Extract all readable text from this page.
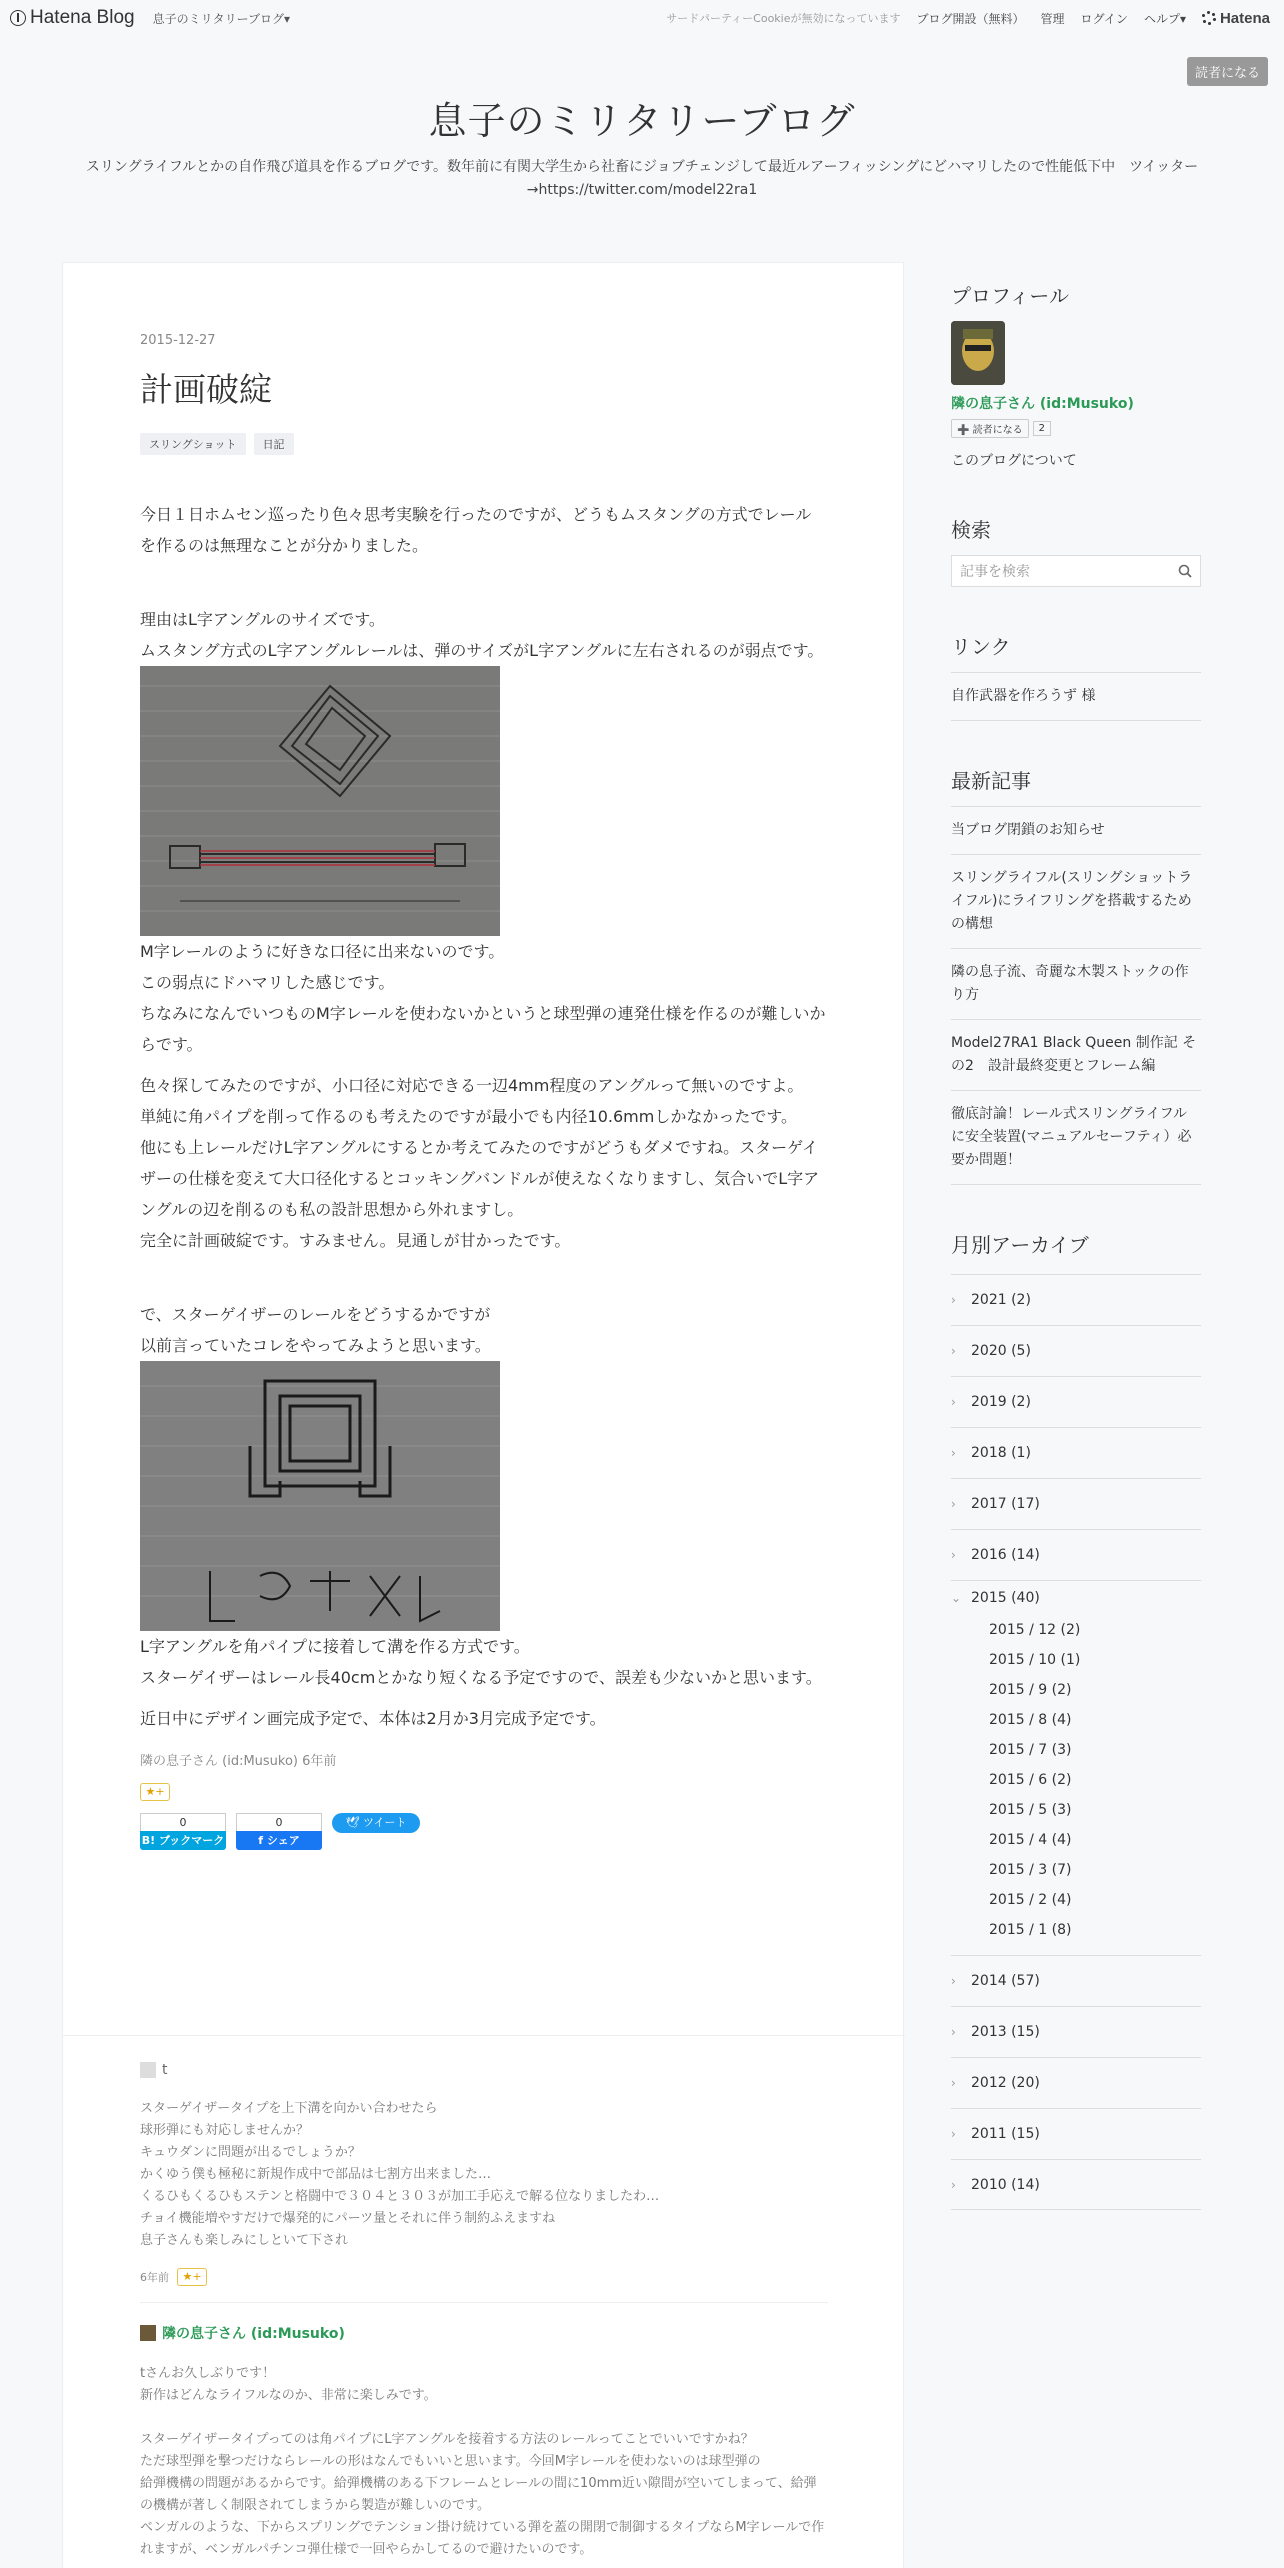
Hatena Blog 息子のミリタリーブログ▾	サードパーティーCookieが無効になっています ブログ開設（無料） 管理 ログイン ヘルプ▾ Hatena
読者になる
息子のミリタリーブログ

スリングライフルとかの自作飛び道具を作るブログです。数年前に有関大学生から社畜にジョブチェンジして最近ルアーフィッシングにどハマリしたので性能低下中　ツイッター→https://twitter.com/model22ra1

2015-12-27
計画破綻
スリングショット	日記

今日１日ホムセン巡ったり色々思考実験を行ったのですが、どうもムスタングの方式でレールを作るのは無理なことが分かりました。

理由はL字アングルのサイズです。

ムスタング方式のL字アングルレールは、弾のサイズがL字アングルに左右されるのが弱点です。

M字レールのように好きな口径に出来ないのです。

この弱点にドハマリした感じです。

ちなみになんでいつものM字レールを使わないかというと球型弾の連発仕様を作るのが難しいからです。

色々探してみたのですが、小口径に対応できる一辺4mm程度のアングルって無いのですよ。

単純に角パイプを削って作るのも考えたのですが最小でも内径10.6mmしかなかったです。

他にも上レールだけL字アングルにするとか考えてみたのですがどうもダメですね。スターゲイザーの仕様を変えて大口径化するとコッキングバンドルが使えなくなりますし、気合いでL字アングルの辺を削るのも私の設計思想から外れますし。

完全に計画破綻です。すみません。見通しが甘かったです。

で、スターゲイザーのレールをどうするかですが

以前言っていたコレをやってみようと思います。

L字アングルを角パイプに接着して溝を作る方式です。

スターゲイザーはレール長40cmとかなり短くなる予定ですので、誤差も少ないかと思います。

近日中にデザイン画完成予定で、本体は2月か3月完成予定です。

隣の息子さん (id:Musuko) 6年前
★+
0
B! ブックマーク
0
f シェア
🕊 ツイート
t

スターゲイザータイプを上下溝を向かい合わせたら

球形弾にも対応しませんか？

キュウダンに問題が出るでしょうか？

かくゆう僕も極秘に新規作成中で部品は七割方出来ました…

くるひもくるひもステンと格闘中で３０４と３０３が加工手応えで解る位なりましたわ…

チョイ機能増やすだけで爆発的にパーツ量とそれに伴う制約ふえますね

息子さんも楽しみにしといて下され

6年前	★+
隣の息子さん (id:Musuko)

tさんお久しぶりです！

新作はどんなライフルなのか、非常に楽しみです。

スターゲイザータイプってのは角パイプにL字アングルを接着する方法のレールってことでいいですかね？

ただ球型弾を撃つだけならレールの形はなんでもいいと思います。今回M字レールを使わないのは球型弾の

給弾機構の問題があるからです。給弾機構のある下フレームとレールの間に10mm近い隙間が空いてしまって、給弾の機構が著しく制限されてしまうから製造が難しいのです。

ベンガルのような、下からスプリングでテンション掛け続けている弾を蓋の開閉で制御するタイプならM字レールで作れますが、ベンガルパチンコ弾仕様で一回やらかしてるので避けたいのです。

プロフィール
隣の息子さん (id:Musuko)
➕ 読者になる	2
このブログについて
検索
記事を検索
リンク
自作武器を作ろうず 様
最新記事
当ブログ閉鎖のお知らせ
スリングライフル(スリングショットライフル)にライフリングを搭載するための構想
隣の息子流、奇麗な木製ストックの作り方
Model27RA1 Black Queen 制作記 その2　設計最終変更とフレーム編
徹底討論！レール式スリングライフルに安全装置(マニュアルセーフティ）必要か問題！
月別アーカイブ
›	2021 (2)
›	2020 (5)
›	2019 (2)
›	2018 (1)
›	2017 (17)
›	2016 (14)
⌄ 2015 (40)
2015 / 12 (2)
2015 / 10 (1)
2015 / 9 (2)
2015 / 8 (4)
2015 / 7 (3)
2015 / 6 (2)
2015 / 5 (3)
2015 / 4 (4)
2015 / 3 (7)
2015 / 2 (4)
2015 / 1 (8)
›	2014 (57)
›	2013 (15)
›	2012 (20)
›	2011 (15)
›	2010 (14)
